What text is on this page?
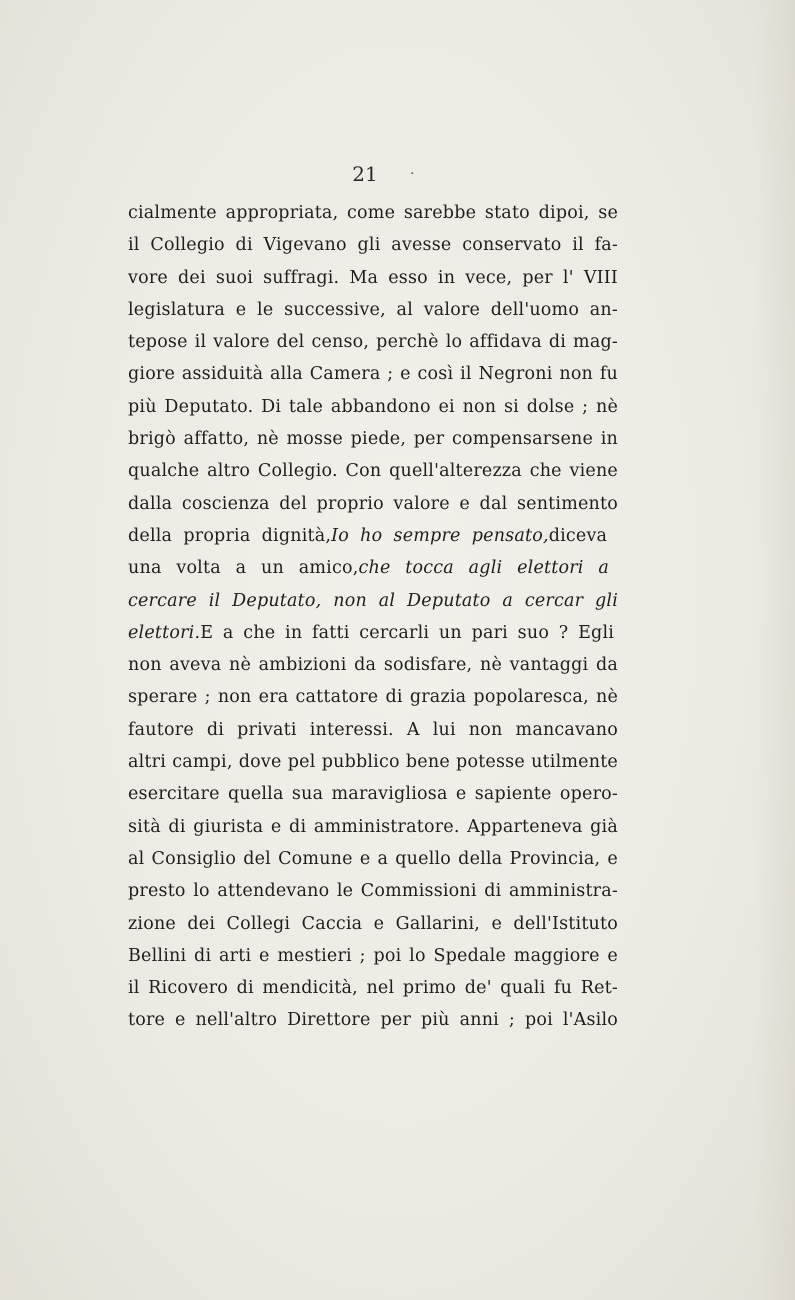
21	·
cialmente appropriata, come sarebbe stato dipoi, se
il Collegio di Vigevano gli avesse conservato il fa-
vore dei suoi suffragi. Ma esso in vece, per l' VIII
legislatura e le successive, al valore dell'uomo an-
tepose il valore del censo, perchè lo affidava di mag-
giore assiduità alla Camera ; e così il Negroni non fu
più Deputato. Di tale abbandono ei non si dolse ; nè
brigò affatto, nè mosse piede, per compensarsene in
qualche altro Collegio. Con quell'alterezza che viene
dalla coscienza del proprio valore e dal sentimento
della propria dignità,Io ho sempre pensato,diceva
una volta a un amico,che tocca agli elettori a
cercare il Deputato, non al Deputato a cercar gli
elettori.E a che in fatti cercarli un pari suo ? Egli
non aveva nè ambizioni da sodisfare, nè vantaggi da
sperare ; non era cattatore di grazia popolaresca, nè
fautore di privati interessi. A lui non mancavano
altri campi, dove pel pubblico bene potesse utilmente
esercitare quella sua maravigliosa e sapiente opero-
sità di giurista e di amministratore. Apparteneva già
al Consiglio del Comune e a quello della Provincia, e
presto lo attendevano le Commissioni di amministra-
zione dei Collegi Caccia e Gallarini, e dell'Istituto
Bellini di arti e mestieri ; poi lo Spedale maggiore e
il Ricovero di mendicità, nel primo de' quali fu Ret-
tore e nell'altro Direttore per più anni ; poi l'Asilo
